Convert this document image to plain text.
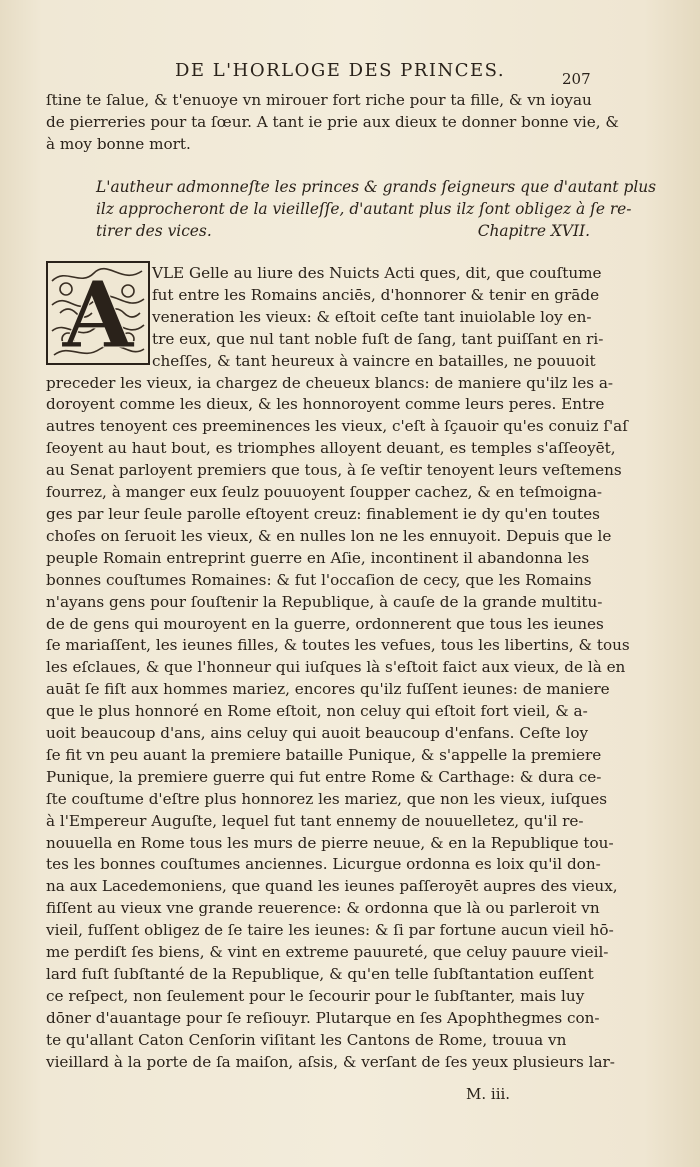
DE L'HORLOGE DES PRINCES.	207
ſtine te ſalue, & t'enuoye vn mirouer fort riche pour ta fille, & vn ioyau
de pierreries pour ta ſœur. A tant ie prie aux dieux te donner bonne vie, &
à moy bonne mort.
L'autheur admonneſte les princes & grands ſeigneurs que d'autant plus
ilz approcheront de la vieilleſſe, d'autant plus ilz ſont obligez à ſe re-
tirer des vices.	Chapitre XVII.
A	VLE Gelle au liure des Nuicts Acti ques, dit, que couſtume
fut entre les Romains anciēs, d'honnorer & tenir en grāde
veneration les vieux: & eſtoit ceſte tant inuiolable loy en-
tre eux, que nul tant noble fuſt de ſang, tant puiſſant en ri-
cheſſes, & tant heureux à vaincre en batailles, ne pouuoit
preceder les vieux, ia chargez de cheueux blancs: de maniere qu'ilz les a-
doroyent comme les dieux, & les honnoroyent comme leurs peres. Entre
autres tenoyent ces preeminences les vieux, c'eſt à ſçauoir qu'es conuiz ſ'aſ
ſeoyent au haut bout, es triomphes alloyent deuant, es temples s'aſſeoyēt,
au Senat parloyent premiers que tous, à ſe veſtir tenoyent leurs veſtemens
fourrez, à manger eux ſeulz pouuoyent ſoupper cachez, & en teſmoigna-
ges par leur ſeule parolle eſtoyent creuz: finablement ie dy qu'en toutes
choſes on ſeruoit les vieux, & en nulles lon ne les ennuyoit. Depuis que le
peuple Romain entreprint guerre en Aſie, incontinent il abandonna les
bonnes couſtumes Romaines: & fut l'occaſion de cecy, que les Romains
n'ayans gens pour ſouſtenir la Republique, à cauſe de la grande multitu-
de de gens qui mouroyent en la guerre, ordonnerent que tous les ieunes
ſe mariaſſent, les ieunes filles, & toutes les vefues, tous les libertins, & tous
les eſclaues, & que l'honneur qui iuſques là s'eſtoit faict aux vieux, de là en
auāt ſe fiſt aux hommes mariez, encores qu'ilz fuſſent ieunes: de maniere
que le plus honnoré en Rome eſtoit, non celuy qui eſtoit fort vieil, & a-
uoit beaucoup d'ans, ains celuy qui auoit beaucoup d'enfans. Ceſte loy
ſe fit vn peu auant la premiere bataille Punique, & s'appelle la premiere
Punique, la premiere guerre qui fut entre Rome & Carthage: & dura ce-
ſte couſtume d'eſtre plus honnorez les mariez, que non les vieux, iuſques
à l'Empereur Auguſte, lequel fut tant ennemy de nouuelletez, qu'il re-
nouuella en Rome tous les murs de pierre neuue, & en la Republique tou-
tes les bonnes couſtumes anciennes. Licurgue ordonna es loix qu'il don-
na aux Lacedemoniens, que quand les ieunes paſſeroyēt aupres des vieux,
fiſſent au vieux vne grande reuerence: & ordonna que là ou parleroit vn
vieil, fuſſent obligez de ſe taire les ieunes: & ſi par fortune aucun vieil hō-
me perdiſt ſes biens, & vint en extreme pauureté, que celuy pauure vieil-
lard fuſt ſubſtanté de la Republique, & qu'en telle ſubſtantation euſſent
ce reſpect, non ſeulement pour le ſecourir pour le ſubſtanter, mais luy
dōner d'auantage pour ſe reſiouyr. Plutarque en ſes Apophthegmes con-
te qu'allant Caton Cenſorin viſitant les Cantons de Rome, trouua vn
vieillard à la porte de ſa maiſon, aſsis, & verſant de ſes yeux plusieurs lar-
M. iii.
